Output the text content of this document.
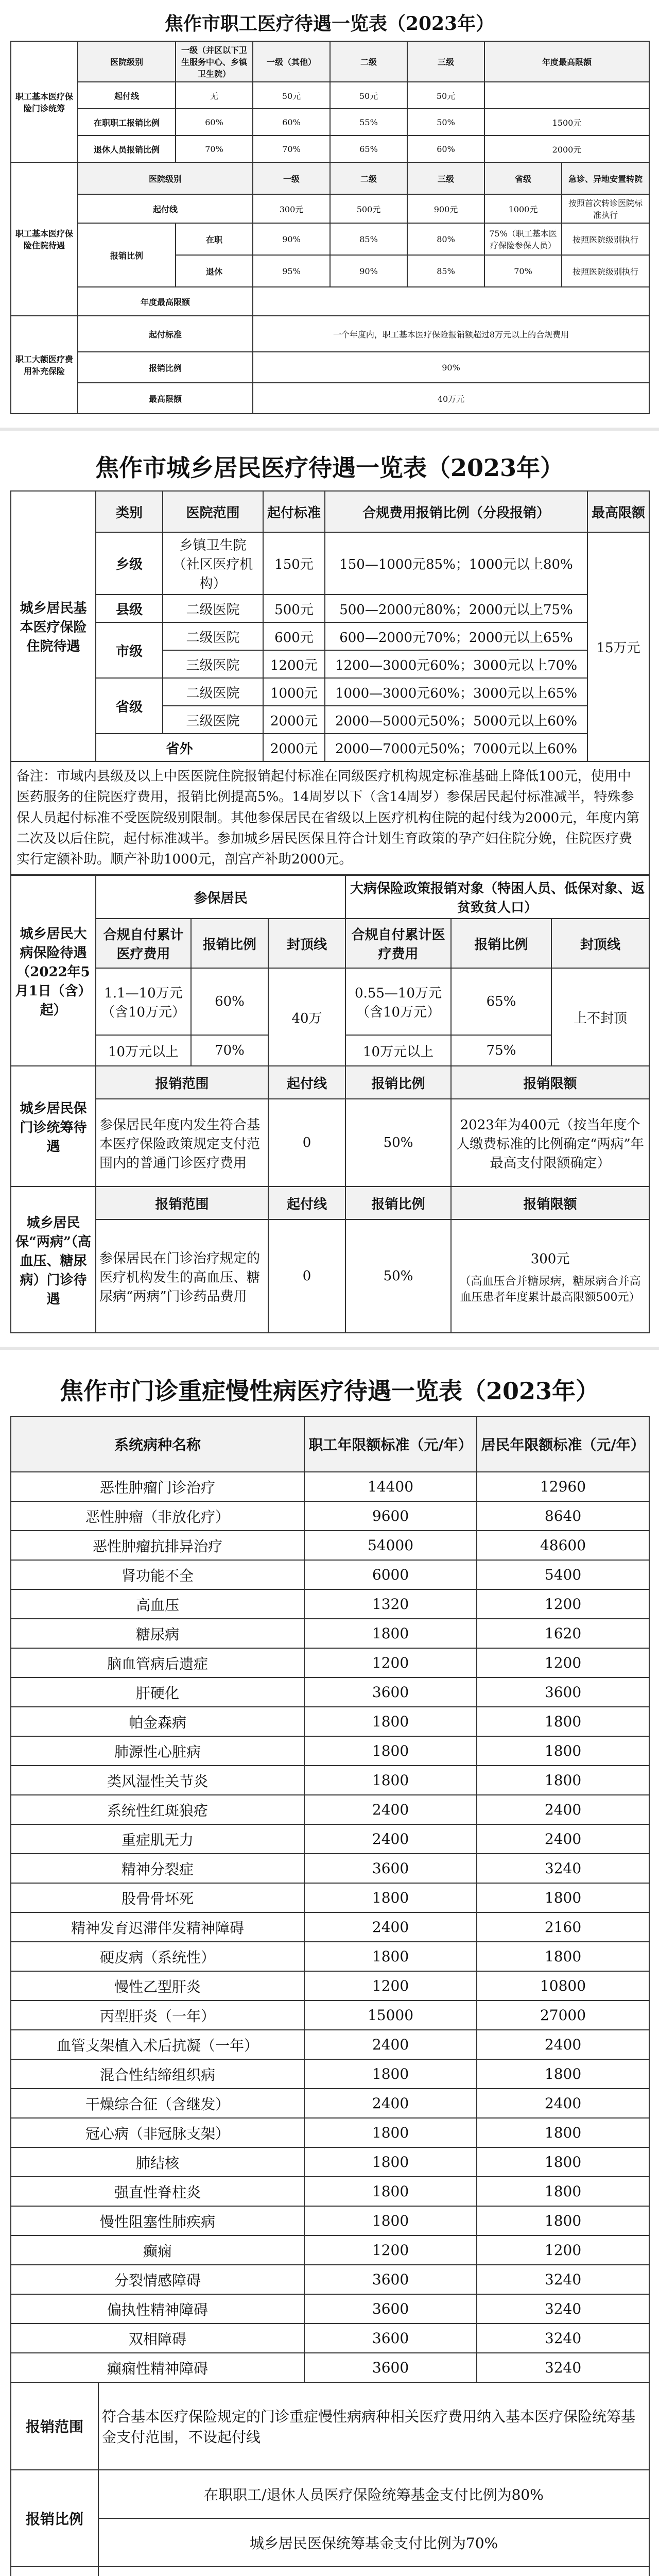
焦作市职工医疗待遇一览表（2023年）
职工基本医疗保险门诊统筹	医院级别	一级（并区以下卫生服务中心、乡镇卫生院）	一级（其他）	二级	三级	年度最高限额	
	起付线	无	50元	50元	50元		
	在职职工报销比例	60%	60%	55%	50%	1500元	
	退休人员报销比例	70%	70%	65%	60%	2000元	
职工基本医疗保险住院待遇	医院级别		一级	二级	三级	省级	急诊、异地安置转院
	起付线		300元	500元	900元	1000元	按照首次转诊医院标准执行
	报销比例	在职	90%	85%	80%	75%（职工基本医疗保险参保人员）	按照医院级别执行
		退休	95%	90%	85%	70%	按照医院级别执行
	年度最高限额						
职工大额医疗费用补充保险	起付标准		一个年度内，职工基本医疗保险报销额超过8万元以上的合规费用				
	报销比例		90%				
	最高限额		40万元				
焦作市城乡居民医疗待遇一览表（2023年）
城乡居民基本医疗保险住院待遇	类别	医院范围	起付标准	合规费用报销比例（分段报销）	最高限额
	乡级	乡镇卫生院（社区医疗机构）	150元	150—1000元85%；1000元以上80%	15万元
	县级	二级医院	500元	500—2000元80%；2000元以上75%	
	市级	二级医院	600元	600—2000元70%；2000元以上65%	
		三级医院	1200元	1200—3000元60%；3000元以上70%	
	省级	二级医院	1000元	1000—3000元60%；3000元以上65%	
		三级医院	2000元	2000—5000元50%；5000元以上60%	
	省外		2000元	2000—7000元50%；7000元以上60%	
备注：市域内县级及以上中医医院住院报销起付标准在同级医疗机构规定标准基础上降低100元，使用中医药服务的住院医疗费用，报销比例提高5%。14周岁以下（含14周岁）参保居民起付标准减半，特殊参保人员起付标准不受医院级别限制。其他参保居民在省级以上医疗机构住院的起付线为2000元，年度内第二次及以后住院，起付标准减半。参加城乡居民医保且符合计划生育政策的孕产妇住院分娩，住院医疗费实行定额补助。顺产补助1000元，剖宫产补助2000元。					
城乡居民大病保险待遇（2022年5月1日（含）起）	参保居民			大病保险政策报销对象（特困人员、低保对象、返贫致贫人口）		
	合规自付累计医疗费用	报销比例	封顶线	合规自付累计医疗费用	报销比例	封顶线
	1.1—10万元（含10万元）	60%	40万	0.55—10万元（含10万元）	65%	上不封顶
	10万元以上	70%		10万元以上	75%	
城乡居民保门诊统筹待遇	报销范围		起付线	报销比例	报销限额	
	参保居民年度内发生符合基本医疗保险政策规定支付范围内的普通门诊医疗费用		0	50%	2023年为400元（按当年度个人缴费标准的比例确定“两病”年最高支付限额确定）	
城乡居民保“两病”（高血压、糖尿病）门诊待遇	报销范围		起付线	报销比例	报销限额	
	参保居民在门诊治疗规定的医疗机构发生的高血压、糖尿病“两病”门诊药品费用		0	50%	300元
（高血压合并糖尿病，糖尿病合并高血压患者年度累计最高限额500元）	
焦作市门诊重症慢性病医疗待遇一览表（2023年）
系统病种名称		职工年限额标准（元/年）	居民年限额标准（元/年）
恶性肿瘤门诊治疗		14400	12960
恶性肿瘤（非放化疗）		9600	8640
恶性肿瘤抗排异治疗		54000	48600
肾功能不全		6000	5400
高血压		1320	1200
糖尿病		1800	1620
脑血管病后遗症		1200	1200
肝硬化		3600	3600
帕金森病		1800	1800
肺源性心脏病		1800	1800
类风湿性关节炎		1800	1800
系统性红斑狼疮		2400	2400
重症肌无力		2400	2400
精神分裂症		3600	3240
股骨骨坏死		1800	1800
精神发育迟滞伴发精神障碍		2400	2160
硬皮病（系统性）		1800	1800
慢性乙型肝炎		1200	10800
丙型肝炎（一年）		15000	27000
血管支架植入术后抗凝（一年）		2400	2400
混合性结缔组织病		1800	1800
干燥综合征（含继发）		2400	2400
冠心病（非冠脉支架）		1800	1800
肺结核		1800	1800
强直性脊柱炎		1800	1800
慢性阻塞性肺疾病		1800	1800
癫痫		1200	1200
分裂情感障碍		3600	3240
偏执性精神障碍		3600	3240
双相障碍		3600	3240
癫痫性精神障碍		3600	3240
报销范围	符合基本医疗保险规定的门诊重症慢性病病种相关医疗费用纳入基本医疗保险统筹基金支付范围，不设起付线		
报销比例	在职职工/退休人员医疗保险统筹基金支付比例为80%		
	城乡居民医保统筹基金支付比例为70%		
